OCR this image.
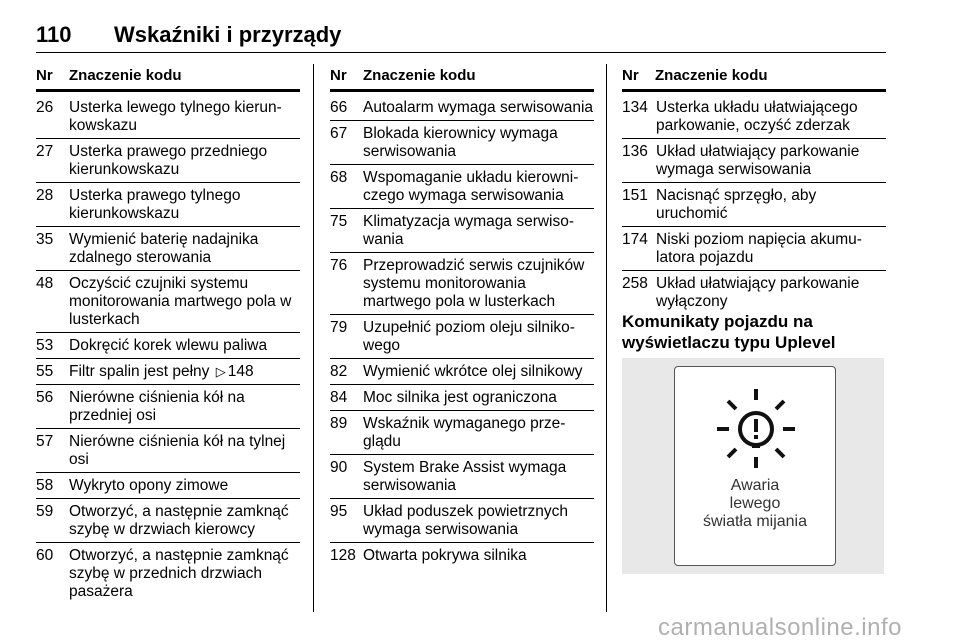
110 Wskaźniki i przyrządy
Nr Znaczenie kodu
26 Usterka lewego tylnego kierunkowskazu
27 Usterka prawego przedniego kierunkowskazu
28 Usterka prawego tylnego kierunkowskazu
35 Wymienić baterię nadajnika zdalnego sterowania
48 Oczyścić czujniki systemu monitorowania martwego pola w lusterkach
53 Dokręcić korek wlewu paliwa
55 Filtr spalin jest pełny ▷ 148
56 Nierówne ciśnienia kół na przedniej osi
57 Nierówne ciśnienia kół na tylnej osi
58 Wykryto opony zimowe
59 Otworzyć, a następnie zamknąć szybę w drzwiach kierowcy
60 Otworzyć, a następnie zamknąć szybę w przednich drzwiach pasażera
Nr Znaczenie kodu
66 Autoalarm wymaga serwisowania
67 Blokada kierownicy wymaga serwisowania
68 Wspomaganie układu kierowniczego wymaga serwisowania
75 Klimatyzacja wymaga serwisowania
76 Przeprowadzić serwis czujników systemu monitorowania martwego pola w lusterkach
79 Uzupełnić poziom oleju silnikowego
82 Wymienić wkrótce olej silnikowy
84 Moc silnika jest ograniczona
89 Wskaźnik wymaganego przeglądu
90 System Brake Assist wymaga serwisowania
95 Układ poduszek powietrznych wymaga serwisowania
128 Otwarta pokrywa silnika
Nr Znaczenie kodu
134 Usterka układu ułatwiającego parkowanie, oczyść zderzak
136 Układ ułatwiający parkowanie wymaga serwisowania
151 Nacisnąć sprzęgło, aby uruchomić
174 Niski poziom napięcia akumulatora pojazdu
258 Układ ułatwiający parkowanie wyłączony
Komunikaty pojazdu na
wyświetlaczu typu Uplevel
Awaria
lewego
światła mijania
carmanualsonline.info
